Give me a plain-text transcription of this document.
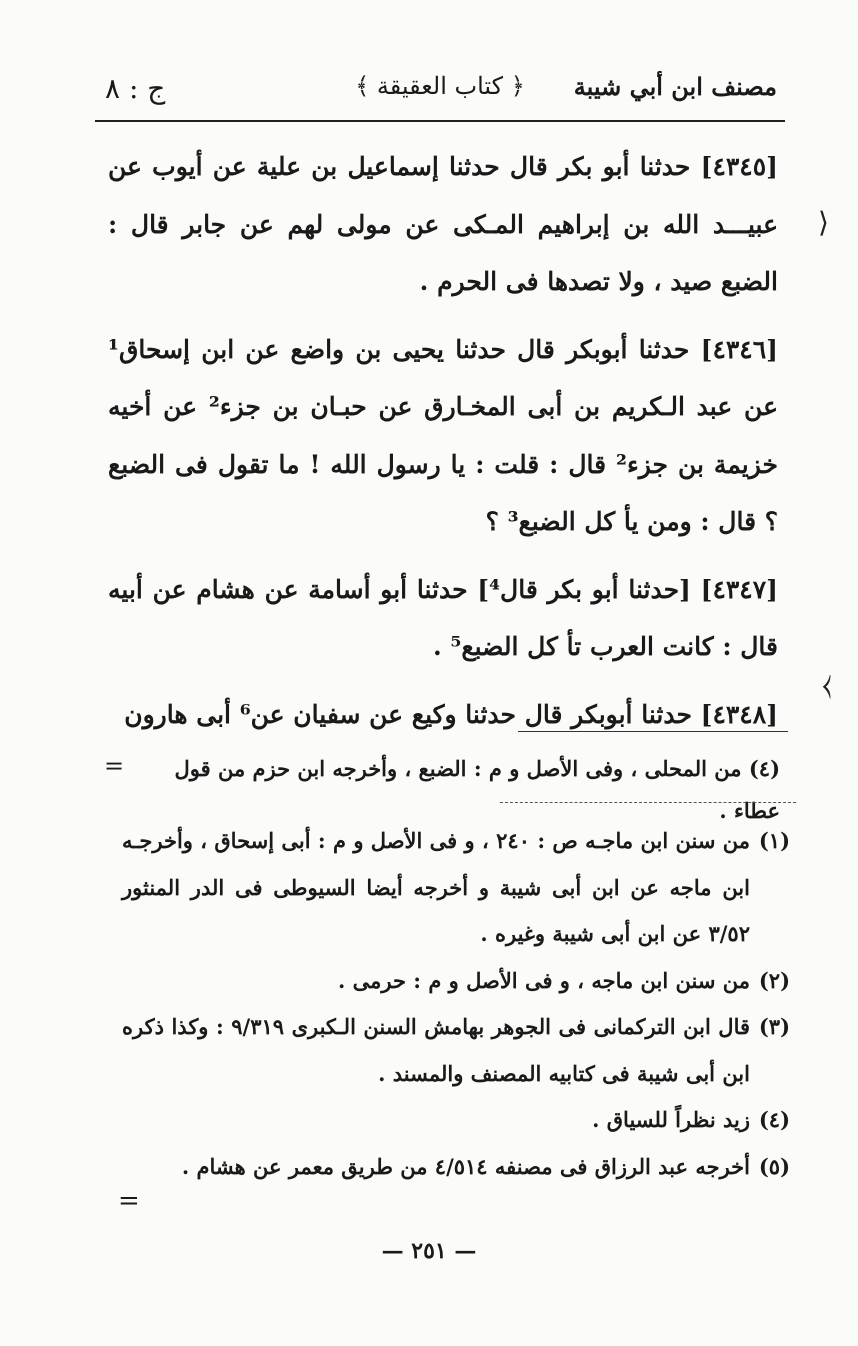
مصنف ابن أبي شيبة
﴿ كتاب العقيقة ﴾
ج : ٨

[٤٣٤٥] حدثنا أبو بكر قال حدثنا إسماعيل بن علية عن أيوب عن عبيـــد الله بن إبراهيم المـكى عن مولى لهم عن جابر قال : الضبع صيد ، ولا تصدها فى الحرم .

[٤٣٤٦] حدثنا أبوبكر قال حدثنا يحيى بن واضع عن ابن إسحاق¹ عن عبد الـكريم بن أبى المخـارق عن حبـان بن جزء² عن أخيه خزيمة بن جزء² قال : قلت : يا رسول الله ! ما تقول فى الضبع ؟ قال : ومن يأ كل الضبع³ ؟

[٤٣٤٧] [حدثنا أبو بكر قال⁴] حدثنا أبو أسامة عن هشام عن أبيه قال : كانت العرب تأ كل الضبع⁵ .

[٤٣٤٨] حدثنا أبوبكر قال حدثنا وكيع عن سفيان عن⁶ أبى هارون

=	(٤) من المحلى ، وفى الأصل و م : الضبع ، وأخرجه ابن حزم من قول عطاء .
(١)
من سنن ابن ماجـه ص : ٢٤٠ ، و فى الأصل و م : أبى إسحاق ، وأخرجـه ابن ماجه عن ابن أبى شيبة و أخرجه أيضا السيوطى فى الدر المنثور ٣/٥٢ عن ابن أبى شيبة وغيره .
(٢)
من سنن ابن ماجه ، و فى الأصل و م : حرمى .
(٣)
قال ابن التركمانى فى الجوهر بهامش السنن الـكبرى ٩/٣١٩ : وكذا ذكره ابن أبى شيبة فى كتابيه المصنف والمسند .
(٤)
زيد نظراً للسياق .
(٥)
أخرجه عبد الرزاق فى مصنفه ٤/٥١٤ من طريق معمر عن هشام .
=
— ٢٥١ —
⟩
⧼
